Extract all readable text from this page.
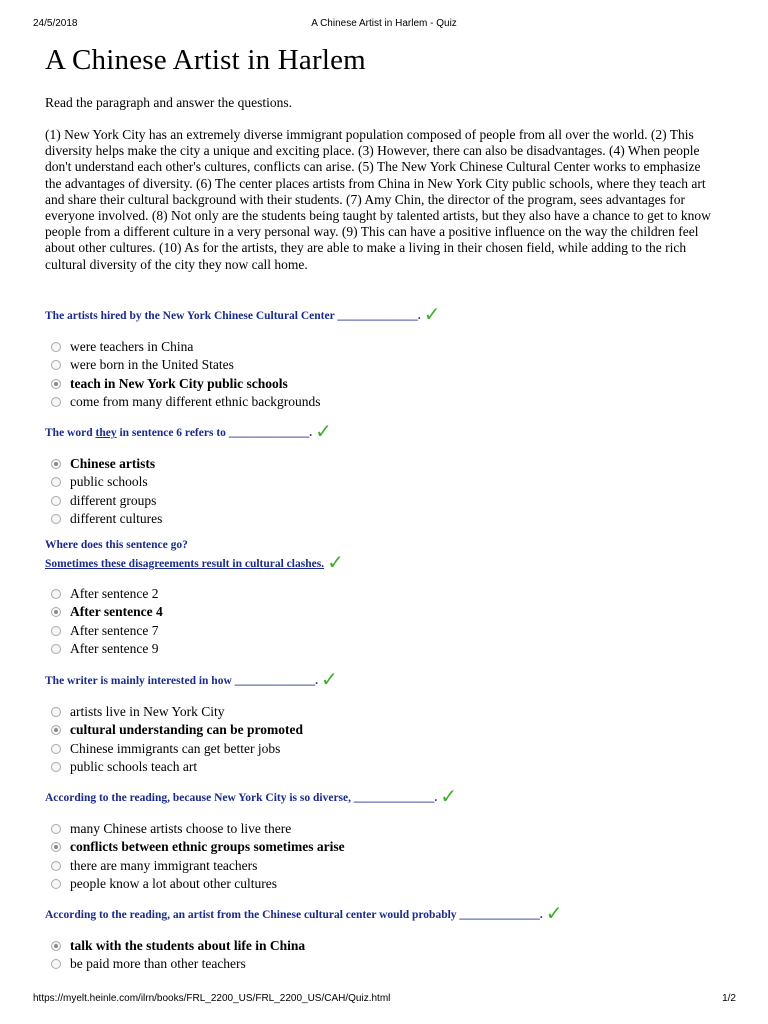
24/5/2018	A Chinese Artist in Harlem - Quiz
A Chinese Artist in Harlem
Read the paragraph and answer the questions.
(1) New York City has an extremely diverse immigrant population composed of people from all over the world. (2) This diversity helps make the city a unique and exciting place. (3) However, there can also be disadvantages. (4) When people don't understand each other's cultures, conflicts can arise. (5) The New York Chinese Cultural Center works to emphasize the advantages of diversity. (6) The center places artists from China in New York City public schools, where they teach art and share their cultural background with their students. (7) Amy Chin, the director of the program, sees advantages for everyone involved. (8) Not only are the students being taught by talented artists, but they also have a chance to get to know people from a different culture in a very personal way. (9) This can have a positive influence on the way the children feel about other cultures. (10) As for the artists, they are able to make a living in their chosen field, while adding to the rich cultural diversity of the city they now call home.
The artists hired by the New York Chinese Cultural Center ______________. ✓
were teachers in China
were born in the United States
teach in New York City public schools
come from many different ethnic backgrounds
The word they in sentence 6 refers to ______________. ✓
Chinese artists
public schools
different groups
different cultures
Where does this sentence go?
Sometimes these disagreements result in cultural clashes. ✓
After sentence 2
After sentence 4
After sentence 7
After sentence 9
The writer is mainly interested in how ______________. ✓
artists live in New York City
cultural understanding can be promoted
Chinese immigrants can get better jobs
public schools teach art
According to the reading, because New York City is so diverse, ______________. ✓
many Chinese artists choose to live there
conflicts between ethnic groups sometimes arise
there are many immigrant teachers
people know a lot about other cultures
According to the reading, an artist from the Chinese cultural center would probably ______________. ✓
talk with the students about life in China
be paid more than other teachers
https://myelt.heinle.com/ilrn/books/FRL_2200_US/FRL_2200_US/CAH/Quiz.html	1/2
